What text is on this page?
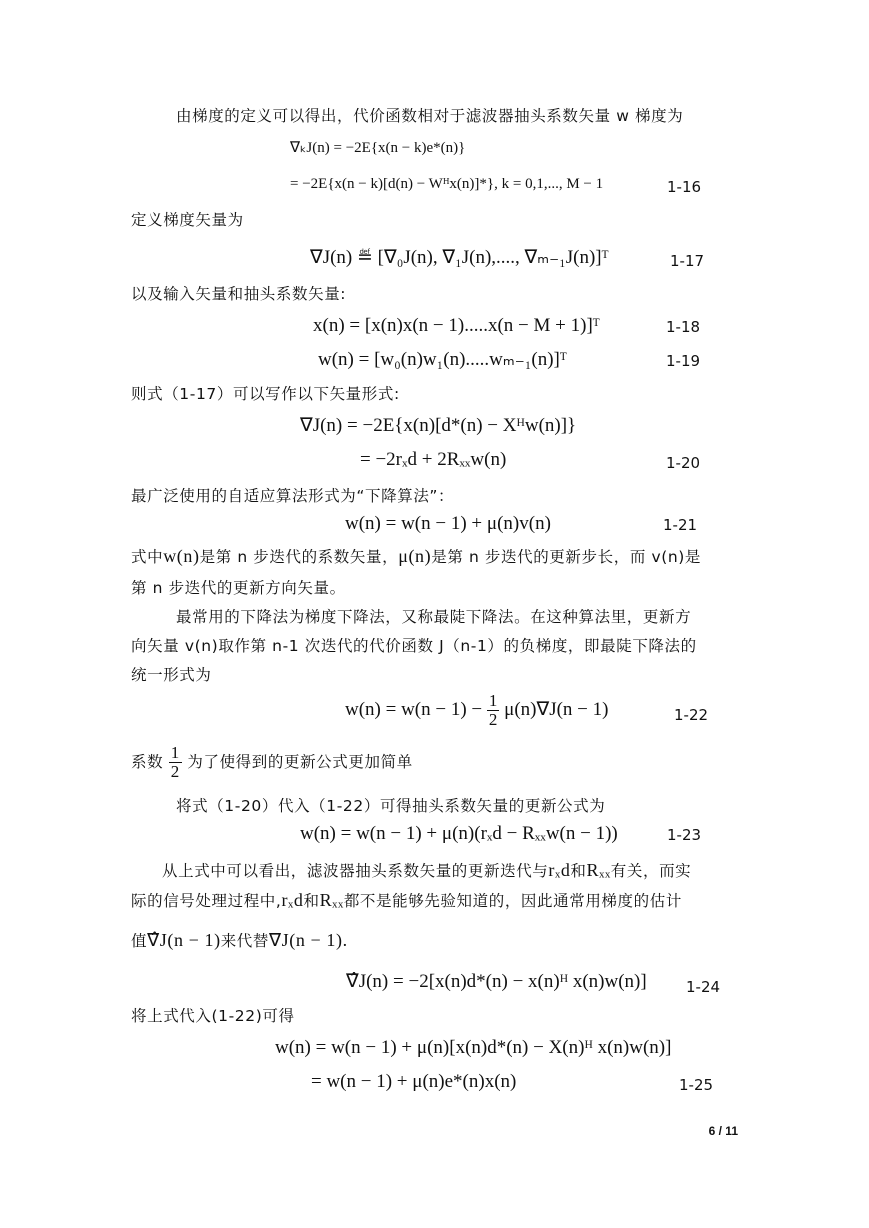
由梯度的定义可以得出，代价函数相对于滤波器抽头系数矢量 w 梯度为
∇ₖJ(n) = −2E{x(n − k)e*(n)}
= −2E{x(n − k)[d(n) − Wᴴx(n)]*}, k = 0,1,..., M − 1	1-16
定义梯度矢量为
∇J(n) ≝ [∇₀J(n), ∇₁J(n),...., ∇ₘ₋₁J(n)]ᵀ	1-17
以及输入矢量和抽头系数矢量:
x(n) = [x(n)x(n − 1).....x(n − M + 1)]ᵀ	1-18
w(n) = [w₀(n)w₁(n).....wₘ₋₁(n)]ᵀ	1-19
则式（1-17）可以写作以下矢量形式:
∇J(n) = −2E{x(n)[d*(n) − Xᴴw(n)]}
= −2rₓd + 2Rₓₓw(n)	1-20
最广泛使用的自适应算法形式为“下降算法”：
w(n) = w(n − 1) + μ(n)v(n)	1-21
式中w(n)是第 n 步迭代的系数矢量，μ(n)是第 n 步迭代的更新步长，而 v(n)是
第 n 步迭代的更新方向矢量。
最常用的下降法为梯度下降法，又称最陡下降法。在这种算法里，更新方
向矢量 v(n)取作第 n-1 次迭代的代价函数 J（n-1）的负梯度，即最陡下降法的
统一形式为
$w(n) = w(n - 1) - \frac{1}{2} \mu(n)\nabla J(n - 1)$	1-22
系数 $\frac{1}{2}$ 为了使得到的更新公式更加简单
将式（1-20）代入（1-22）可得抽头系数矢量的更新公式为
w(n) = w(n − 1) + μ(n)(rₓd − Rₓₓw(n − 1))	1-23
从上式中可以看出，滤波器抽头系数矢量的更新迭代与rₓd和Rₓₓ有关，而实
际的信号处理过程中,rₓd和Rₓₓ都不是能够先验知道的，因此通常用梯度的估计
值∇̂J(n − 1)来代替∇J(n − 1).
∇̂J(n) = −2[x(n)d*(n) − x(n)ᴴ x(n)w(n)]	1-24
将上式代入(1-22)可得
w(n) = w(n − 1) + μ(n)[x(n)d*(n) − X(n)ᴴ x(n)w(n)]
= w(n − 1) + μ(n)e*(n)x(n)	1-25
6 / 11
